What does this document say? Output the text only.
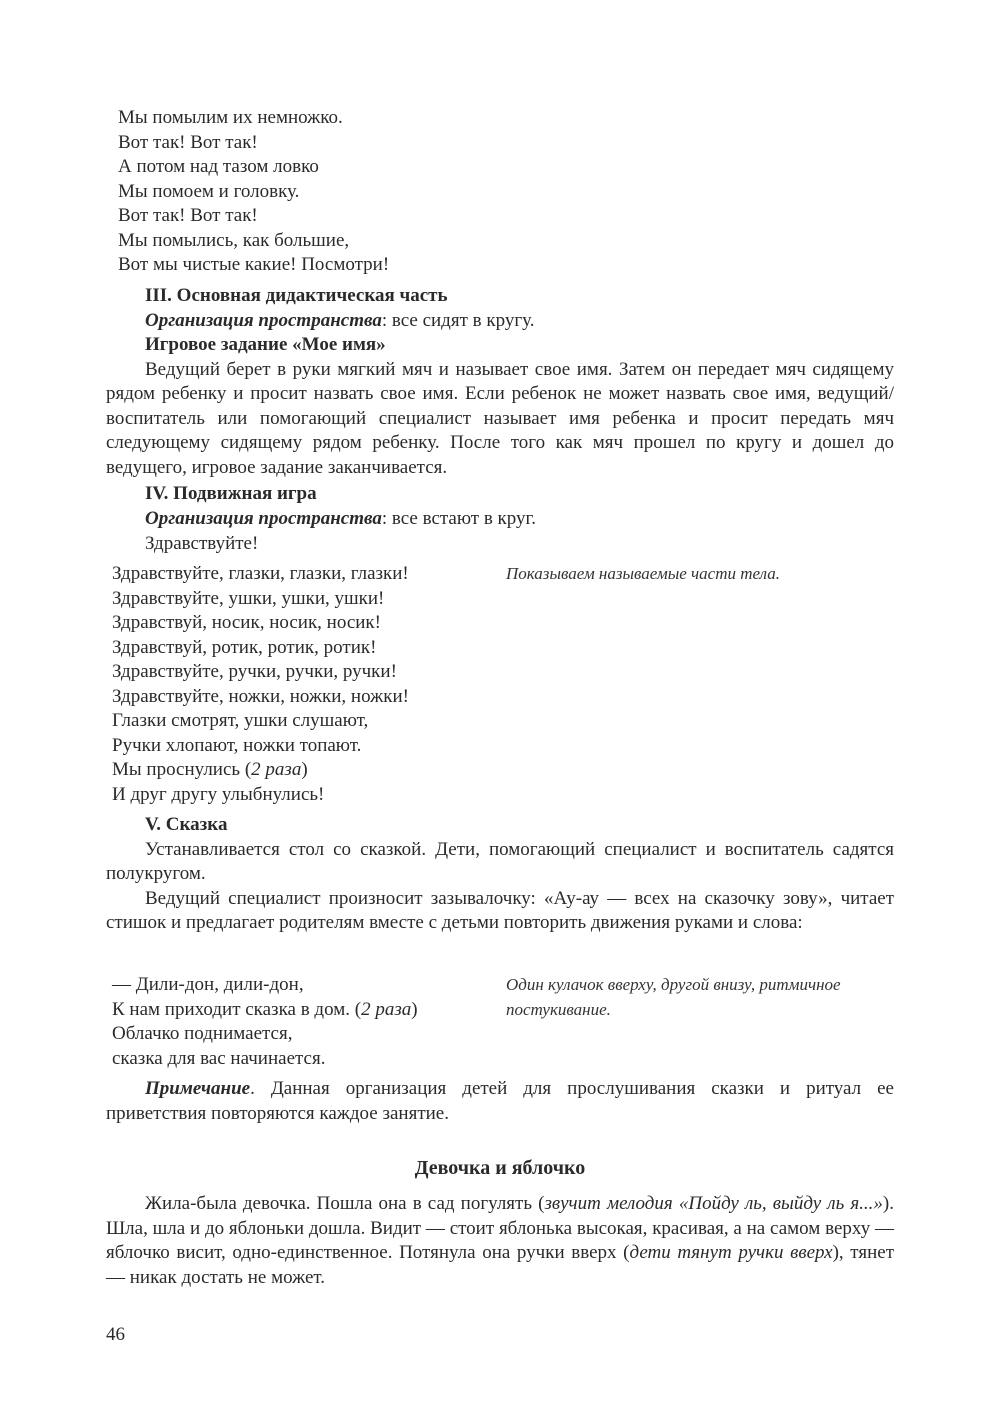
Мы помылим их немножко.
Вот так! Вот так!
А потом над тазом ловко
Мы помоем и головку.
Вот так! Вот так!
Мы помылись, как большие,
Вот мы чистые какие! Посмотри!
III. Основная дидактическая часть
Организация пространства: все сидят в кругу.
Игровое задание «Мое имя»
Ведущий берет в руки мягкий мяч и называет свое имя. Затем он передает мяч сидящему рядом ребенку и просит назвать свое имя. Если ребенок не может назвать свое имя, ведущий/воспитатель или помогающий специалист называет имя ребенка и просит передать мяч следующему сидящему рядом ребенку. После того как мяч прошел по кругу и дошел до ведущего, игровое задание заканчивается.
IV. Подвижная игра
Организация пространства: все встают в круг.
Здравствуйте!
Здравствуйте, глазки, глазки, глазки!	Показываем называемые части тела.
Здравствуйте, ушки, ушки, ушки!
Здравствуй, носик, носик, носик!
Здравствуй, ротик, ротик, ротик!
Здравствуйте, ручки, ручки, ручки!
Здравствуйте, ножки, ножки, ножки!
Глазки смотрят, ушки слушают,
Ручки хлопают, ножки топают.
Мы проснулись (2 раза)
И друг другу улыбнулись!
V. Сказка
Устанавливается стол со сказкой. Дети, помогающий специалист и воспитатель садятся полукругом.
Ведущий специалист произносит зазывалочку: «Ау-ау — всех на сказочку зову», читает стишок и предлагает родителям вместе с детьми повторить движения руками и слова:
— Дили-дон, дили-дон,
К нам приходит сказка в дом. (2 раза)
Облачко поднимается,
сказка для вас начинается.
Один кулачок вверху, другой внизу, ритмичное
постукивание.
Примечание. Данная организация детей для прослушивания сказки и ритуал ее приветствия повторяются каждое занятие.
Девочка и яблочко
Жила-была девочка. Пошла она в сад погулять (звучит мелодия «Пойду ль, выйду ль я...»). Шла, шла и до яблоньки дошла. Видит — стоит яблонька высокая, красивая, а на самом верху — яблочко висит, одно-единственное. Потянула она ручки вверх (дети тянут ручки вверх), тянет — никак достать не может.
46
